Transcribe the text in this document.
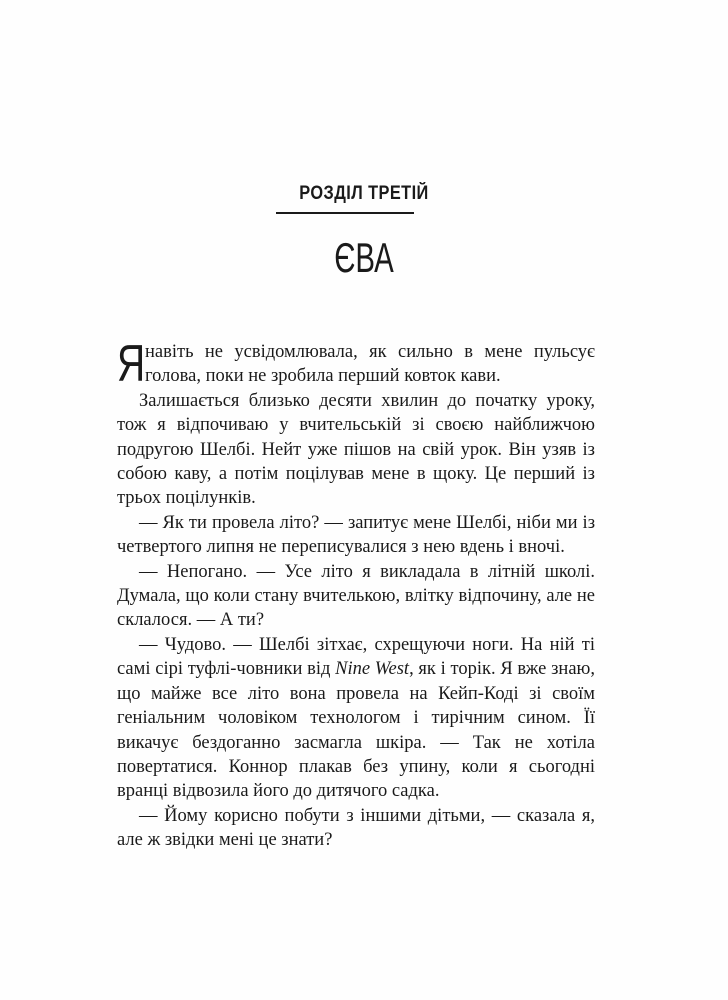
РОЗДІЛ ТРЕТІЙ
ЄВА

Я навіть не усвідомлювала, як сильно в мене пульсує голова, поки не зробила перший ковток кави.

Залишається близько десяти хвилин до початку уроку, тож я відпочиваю у вчительській зі своєю найближчою подругою Шелбі. Нейт уже пішов на свій урок. Він узяв із собою каву, а потім поцілував мене в щоку. Це перший із трьох поцілунків.

— Як ти провела літо? — запитує мене Шелбі, ніби ми із четвертого липня не переписувалися з нею вдень і вночі.

— Непогано. — Усе літо я викладала в літній школі. Думала, що коли стану вчителькою, влітку відпочину, але не склалося. — А ти?

— Чудово. — Шелбі зітхає, схрещуючи ноги. На ній ті самі сірі туфлі-човники від Nine West, як і торік. Я вже знаю, що майже все літо вона провела на Кейп-Коді зі своїм геніальним чоловіком технологом і тирічним сином. Її викачує бездоганно засмагла шкіра. — Так не хотіла повертатися. Коннор плакав без упину, коли я сьогодні вранці відвозила його до дитячого садка.

— Йому корисно побути з іншими дітьми, — сказала я, але ж звідки мені це знати?
